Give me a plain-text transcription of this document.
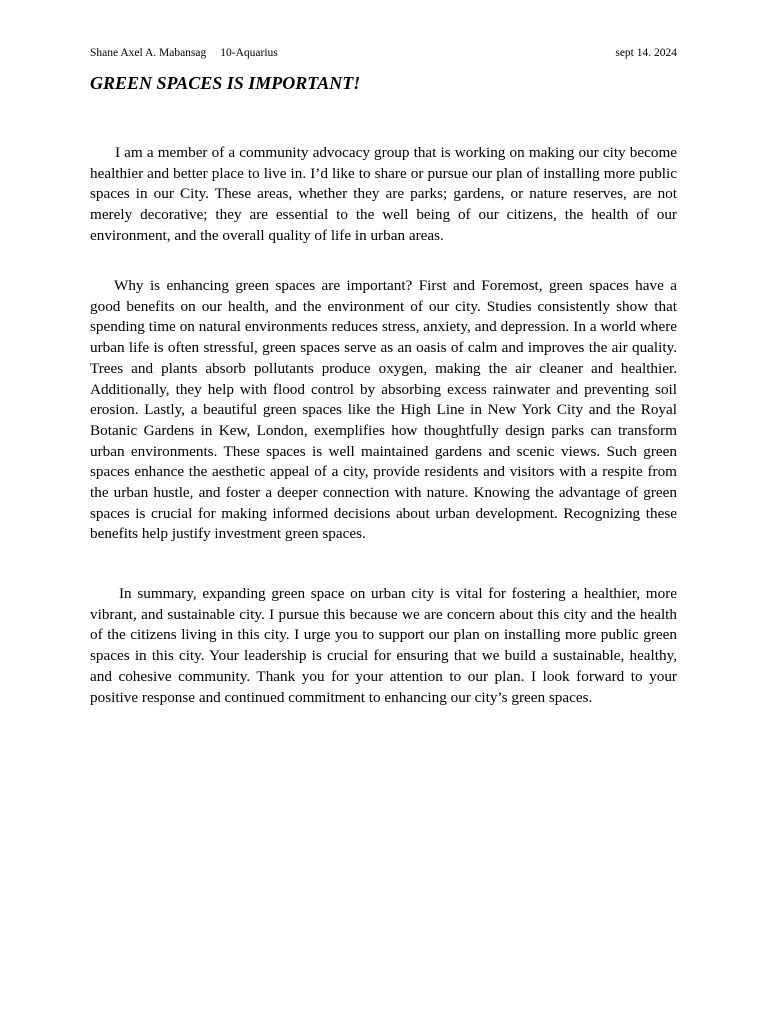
Shane Axel A. Mabansag 10-Aquarius	sept 14. 2024
GREEN SPACES IS IMPORTANT!

I am a member of a community advocacy group that is working on making our city become healthier and better place to live in. I’d like to share or pursue our plan of installing more public spaces in our City. These areas, whether they are parks; gardens, or nature reserves, are not merely decorative; they are essential to the well being of our citizens, the health of our environment, and the overall quality of life in urban areas.

Why is enhancing green spaces are important? First and Foremost, green spaces have a good benefits on our health, and the environment of our city. Studies consistently show that spending time on natural environments reduces stress, anxiety, and depression. In a world where urban life is often stressful, green spaces serve as an oasis of calm and improves the air quality. Trees and plants absorb pollutants produce oxygen, making the air cleaner and healthier. Additionally, they help with flood control by absorbing excess rainwater and preventing soil erosion. Lastly, a beautiful green spaces like the High Line in New York City and the Royal Botanic Gardens in Kew, London, exemplifies how thoughtfully design parks can transform urban environments. These spaces is well maintained gardens and scenic views. Such green spaces enhance the aesthetic appeal of a city, provide residents and visitors with a respite from the urban hustle, and foster a deeper connection with nature. Knowing the advantage of green spaces is crucial for making informed decisions about urban development. Recognizing these benefits help justify investment green spaces.

In summary, expanding green space on urban city is vital for fostering a healthier, more vibrant, and sustainable city. I pursue this because we are concern about this city and the health of the citizens living in this city. I urge you to support our plan on installing more public green spaces in this city. Your leadership is crucial for ensuring that we build a sustainable, healthy, and cohesive community. Thank you for your attention to our plan. I look forward to your positive response and continued commitment to enhancing our city’s green spaces.
